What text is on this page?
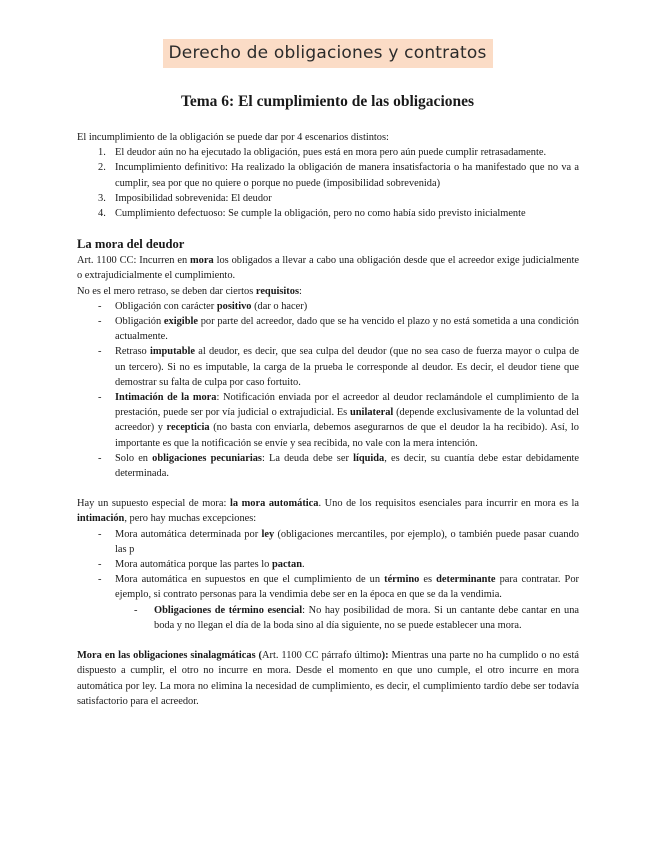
Derecho de obligaciones y contratos
Tema 6: El cumplimiento de las obligaciones

El incumplimiento de la obligación se puede dar por 4 escenarios distintos:

1. El deudor aún no ha ejecutado la obligación, pues está en mora pero aún puede cumplir retrasadamente.
2. Incumplimiento definitivo: Ha realizado la obligación de manera insatisfactoria o ha manifestado que no va a cumplir, sea por que no quiere o porque no puede (imposibilidad sobrevenida)
3. Imposibilidad sobrevenida: El deudor
4. Cumplimiento defectuoso: Se cumple la obligación, pero no como había sido previsto inicialmente

La mora del deudor

Art. 1100 CC: Incurren en mora los obligados a llevar a cabo una obligación desde que el acreedor exige judicialmente o extrajudicialmente el cumplimiento.

No es el mero retraso, se deben dar ciertos requisitos:

- Obligación con carácter positivo (dar o hacer)
- Obligación exigible por parte del acreedor, dado que se ha vencido el plazo y no está sometida a una condición actualmente.
- Retraso imputable al deudor, es decir, que sea culpa del deudor (que no sea caso de fuerza mayor o culpa de un tercero). Si no es imputable, la carga de la prueba le corresponde al deudor. Es decir, el deudor tiene que demostrar su falta de culpa por caso fortuito.
- Intimación de la mora: Notificación enviada por el acreedor al deudor reclamándole el cumplimiento de la prestación, puede ser por vía judicial o extrajudicial. Es unilateral (depende exclusivamente de la voluntad del acreedor) y recepticia (no basta con enviarla, debemos asegurarnos de que el deudor la ha recibido). Así, lo importante es que la notificación se envíe y sea recibida, no vale con la mera intención.
- Solo en obligaciones pecuniarias: La deuda debe ser líquida, es decir, su cuantía debe estar debidamente determinada.

Hay un supuesto especial de mora: la mora automática. Uno de los requisitos esenciales para incurrir en mora es la intimación, pero hay muchas excepciones:

- Mora automática determinada por ley (obligaciones mercantiles, por ejemplo), o también puede pasar cuando las p
- Mora automática porque las partes lo pactan.
- Mora automática en supuestos en que el cumplimiento de un término es determinante para contratar. Por ejemplo, si contrato personas para la vendimia debe ser en la época en que se da la vendimia.
- Obligaciones de término esencial: No hay posibilidad de mora. Si un cantante debe cantar en una boda y no llegan el día de la boda sino al día siguiente, no se puede establecer una mora.

Mora en las obligaciones sinalagmáticas (Art. 1100 CC párrafo último): Mientras una parte no ha cumplido o no está dispuesto a cumplir, el otro no incurre en mora. Desde el momento en que uno cumple, el otro incurre en mora automática por ley. La mora no elimina la necesidad de cumplimiento, es decir, el cumplimiento tardío debe ser todavía satisfactorio para el acreedor.
